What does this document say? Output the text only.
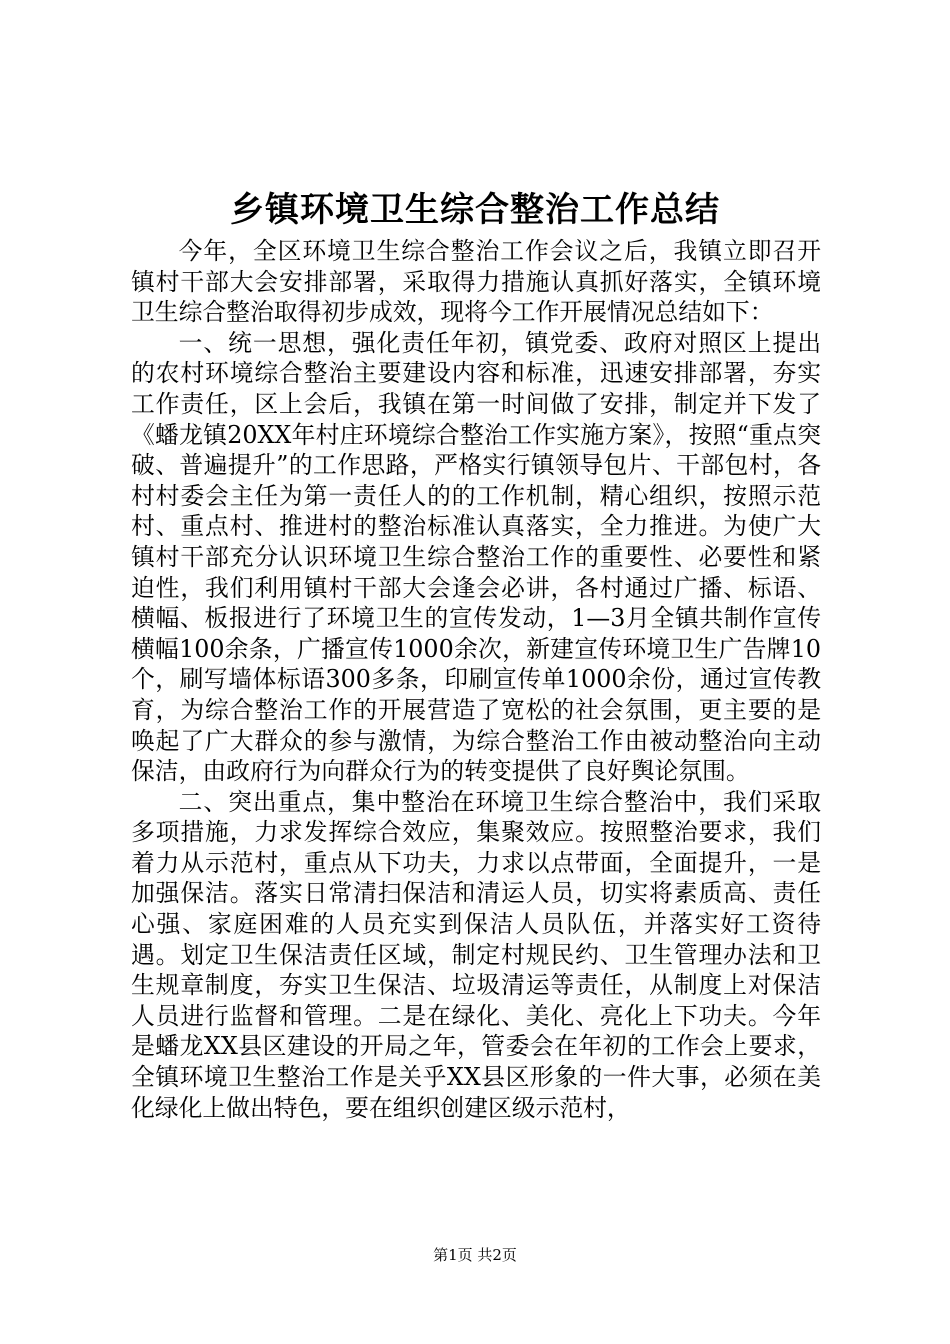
乡镇环境卫生综合整治工作总结

今年，全区环境卫生综合整治工作会议之后，我镇立即召开镇村干部大会安排部署，采取得力措施认真抓好落实，全镇环境卫生综合整治取得初步成效，现将今工作开展情况总结如下：

一、统一思想，强化责任年初，镇党委、政府对照区上提出的农村环境综合整治主要建设内容和标准，迅速安排部署，夯实工作责任，区上会后，我镇在第一时间做了安排，制定并下发了《蟠龙镇20XX年村庄环境综合整治工作实施方案》，按照“重点突破、普遍提升”的工作思路，严格实行镇领导包片、干部包村，各村村委会主任为第一责任人的的工作机制，精心组织，按照示范村、重点村、推进村的整治标准认真落实，全力推进。为使广大镇村干部充分认识环境卫生综合整治工作的重要性、必要性和紧迫性，我们利用镇村干部大会逢会必讲，各村通过广播、标语、横幅、板报进行了环境卫生的宣传发动，1—3月全镇共制作宣传横幅100余条，广播宣传1000余次，新建宣传环境卫生广告牌10个，刷写墙体标语300多条，印刷宣传单1000余份，通过宣传教育，为综合整治工作的开展营造了宽松的社会氛围，更主要的是唤起了广大群众的参与激情，为综合整治工作由被动整治向主动保洁，由政府行为向群众行为的转变提供了良好舆论氛围。

二、突出重点，集中整治在环境卫生综合整治中，我们采取多项措施，力求发挥综合效应，集聚效应。按照整治要求，我们着力从示范村，重点从下功夫，力求以点带面，全面提升，一是加强保洁。落实日常清扫保洁和清运人员，切实将素质高、责任心强、家庭困难的人员充实到保洁人员队伍，并落实好工资待遇。划定卫生保洁责任区域，制定村规民约、卫生管理办法和卫生规章制度，夯实卫生保洁、垃圾清运等责任，从制度上对保洁人员进行监督和管理。二是在绿化、美化、亮化上下功夫。今年是蟠龙XX县区建设的开局之年，管委会在年初的工作会上要求，全镇环境卫生整治工作是关乎XX县区形象的一件大事，必须在美化绿化上做出特色，要在组织创建区级示范村，

第1页 共2页
